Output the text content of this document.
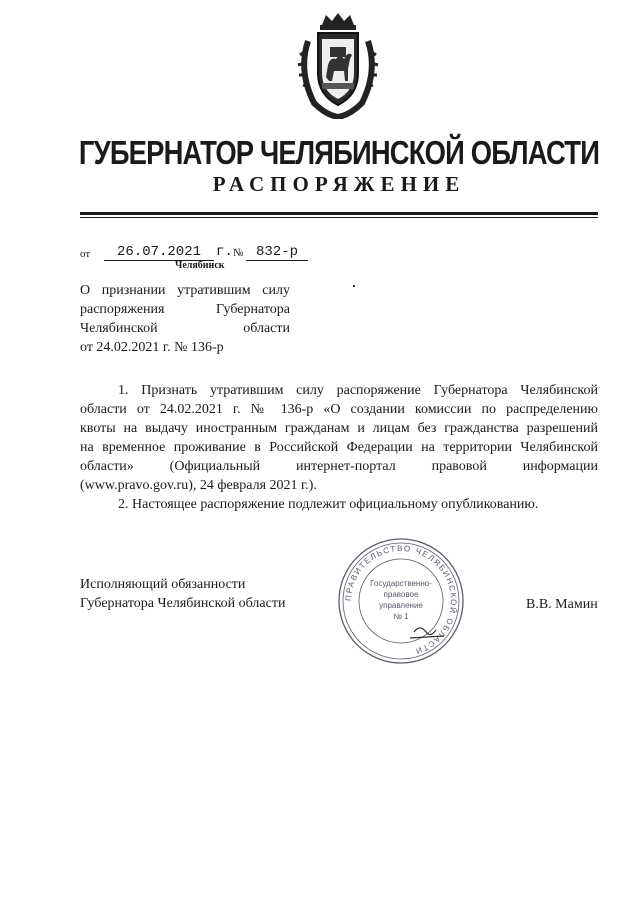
ГУБЕРНАТОР ЧЕЛЯБИНСКОЙ ОБЛАСТИ
РАСПОРЯЖЕНИЕ
от	26.07.2021	г. № 832-р
Челябинск
О признании утратившим силу
распоряжения Губернатора
Челябинской области
от 24.02.2021 г. № 136-р
1. Признать утратившим силу распоряжение Губернатора Челябинской
области от 24.02.2021 г. № 136-р «О создании комиссии по распределению
квоты на выдачу иностранным гражданам и лицам без гражданства разрешений
на временное проживание в Российской Федерации на территории Челябинской
области» (Официальный интернет-портал правовой информации
(www.pravo.gov.ru), 24 февраля 2021 г.).
2. Настоящее распоряжение подлежит официальному опубликованию.
Исполняющий обязанности
Губернатора Челябинской области	В.В. Мамин
ПРАВИТЕЛЬСТВО ЧЕЛЯБИНСКОЙ ОБЛАСТИ
Государственно-
правовое
управление
№ 1
